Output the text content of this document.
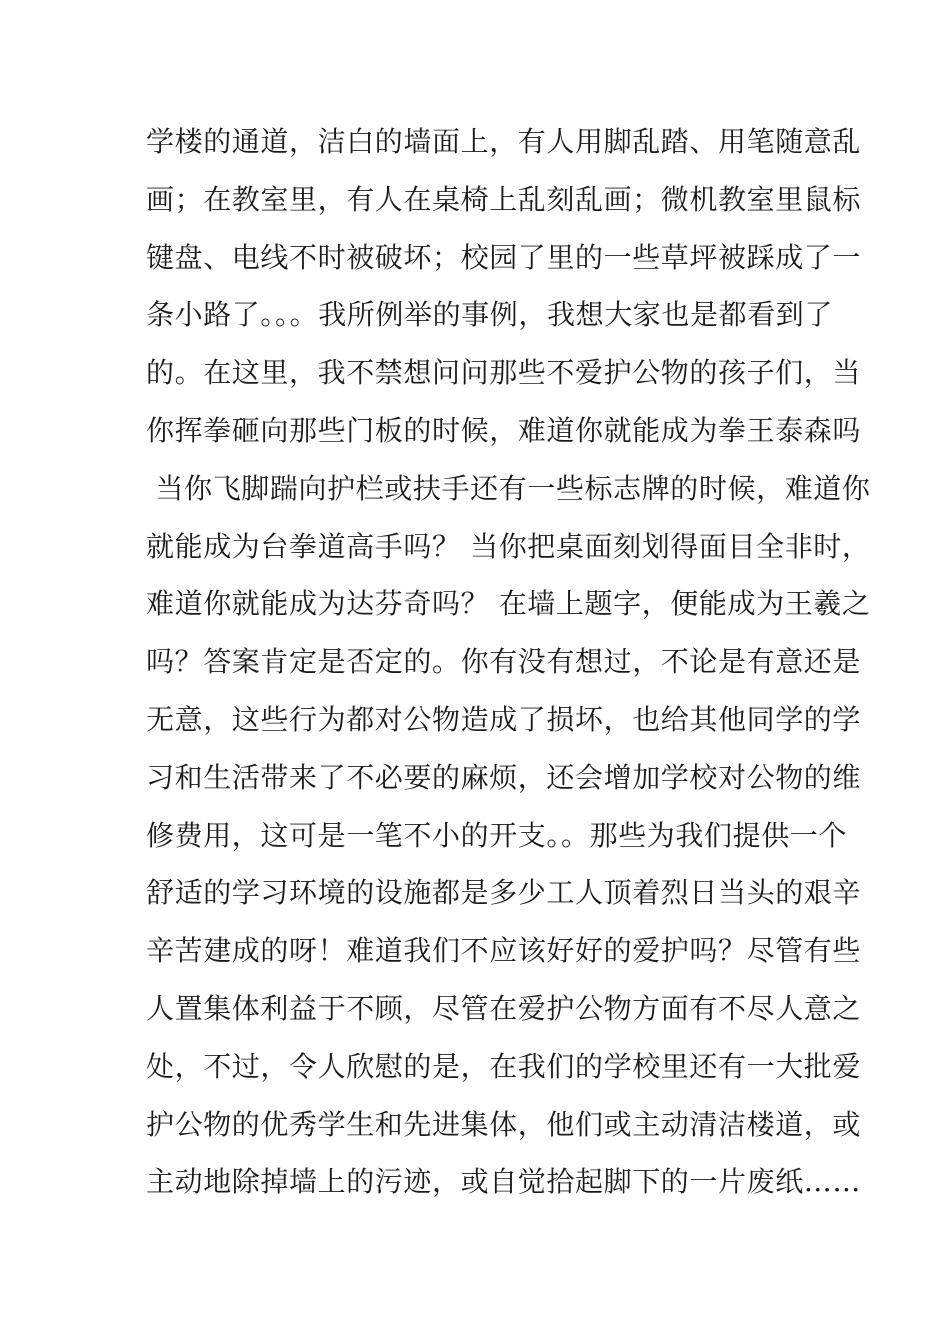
学楼的通道，洁白的墙面上，有人用脚乱踏、用笔随意乱
画；在教室里，有人在桌椅上乱刻乱画；微机教室里鼠标
键盘、电线不时被破坏；校园了里的一些草坪被踩成了一
条小路了。。。我所例举的事例，我想大家也是都看到了
的。在这里，我不禁想问问那些不爱护公物的孩子们，当
你挥拳砸向那些门板的时候，难道你就能成为拳王泰森吗
当你飞脚踹向护栏或扶手还有一些标志牌的时候，难道你
就能成为台拳道高手吗？ 当你把桌面刻划得面目全非时，
难道你就能成为达芬奇吗？ 在墙上题字，便能成为王羲之
吗？答案肯定是否定的。你有没有想过，不论是有意还是
无意，这些行为都对公物造成了损坏，也给其他同学的学
习和生活带来了不必要的麻烦，还会增加学校对公物的维
修费用，这可是一笔不小的开支。。那些为我们提供一个
舒适的学习环境的设施都是多少工人顶着烈日当头的艰辛
辛苦建成的呀！难道我们不应该好好的爱护吗？尽管有些
人置集体利益于不顾，尽管在爱护公物方面有不尽人意之
处，不过，令人欣慰的是，在我们的学校里还有一大批爱
护公物的优秀学生和先进集体，他们或主动清洁楼道，或
主动地除掉墙上的污迹，或自觉拾起脚下的一片废纸……
